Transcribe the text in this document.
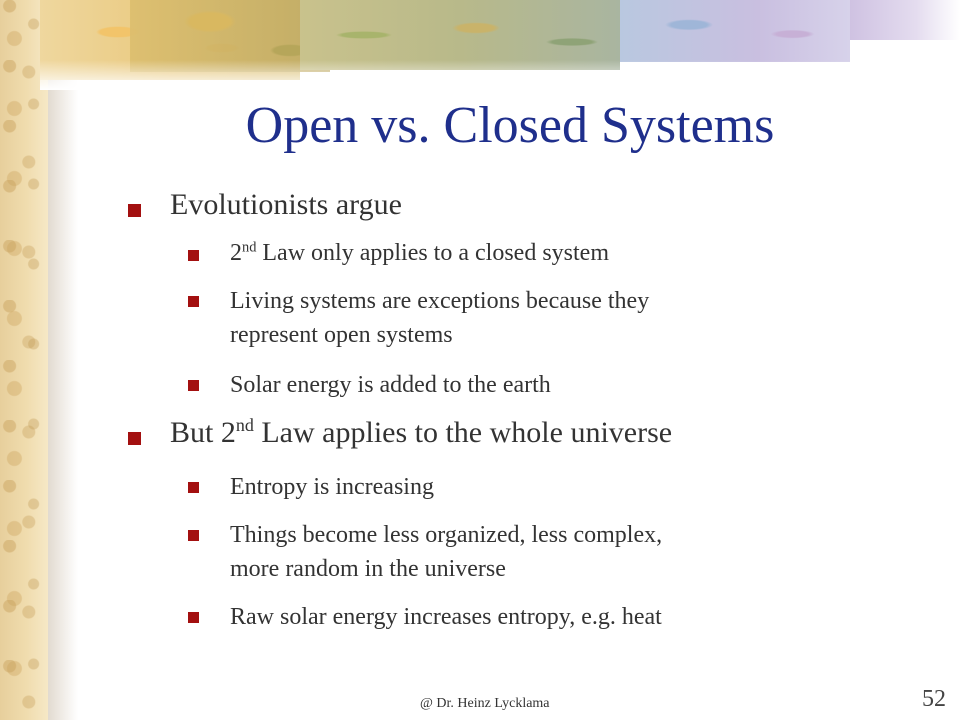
Open vs. Closed Systems

Evolutionists argue

2nd Law only applies to a closed system

Living systems are exceptions because they
represent open systems

Solar energy is added to the earth

But 2nd Law applies to the whole universe

Entropy is increasing

Things become less organized, less complex,
more random in the universe

Raw solar energy increases entropy, e.g. heat

@ Dr. Heinz Lycklama	52
